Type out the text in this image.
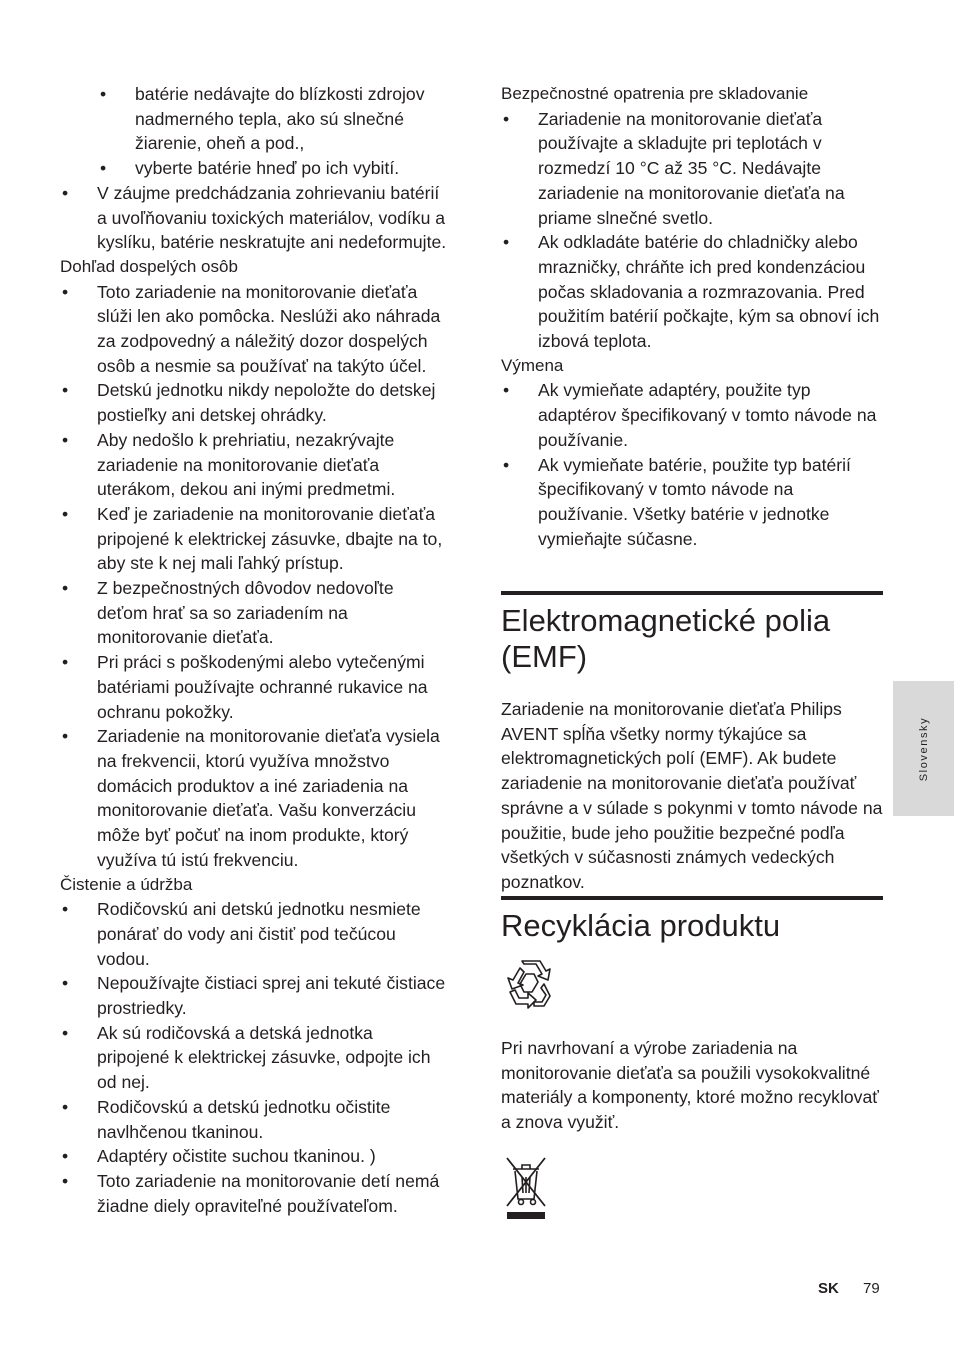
• batérie nedávajte do blízkosti zdrojov nadmerného tepla, ako sú slnečné žiarenie, oheň a pod.,
• vyberte batérie hneď po ich vybití.
• V záujme predchádzania zohrievaniu batérií a uvoľňovaniu toxických materiálov, vodíku a kyslíku, batérie neskratujte ani nedeformujte.
Dohľad dospelých osôb
• Toto zariadenie na monitorovanie dieťaťa slúži len ako pomôcka. Neslúži ako náhrada za zodpovedný a náležitý dozor dospelých osôb a nesmie sa používať na takýto účel.
• Detskú jednotku nikdy nepoložte do detskej postieľky ani detskej ohrádky.
• Aby nedošlo k prehriatiu, nezakrývajte zariadenie na monitorovanie dieťaťa uterákom, dekou ani inými predmetmi.
• Keď je zariadenie na monitorovanie dieťaťa pripojené k elektrickej zásuvke, dbajte na to, aby ste k nej mali ľahký prístup.
• Z bezpečnostných dôvodov nedovoľte deťom hrať sa so zariadením na monitorovanie dieťaťa.
• Pri práci s poškodenými alebo vytečenými batériami používajte ochranné rukavice na ochranu pokožky.
• Zariadenie na monitorovanie dieťaťa vysiela na frekvencii, ktorú využíva množstvo domácich produktov a iné zariadenia na monitorovanie dieťaťa. Vašu konverzáciu môže byť počuť na inom produkte, ktorý využíva tú istú frekvenciu.
Čistenie a údržba
• Rodičovskú ani detskú jednotku nesmiete ponárať do vody ani čistiť pod tečúcou vodou.
• Nepoužívajte čistiaci sprej ani tekuté čistiace prostriedky.
• Ak sú rodičovská a detská jednotka pripojené k elektrickej zásuvke, odpojte ich od nej.
• Rodičovskú a detskú jednotku očistite navlhčenou tkaninou.
• Adaptéry očistite suchou tkaninou. )
• Toto zariadenie na monitorovanie detí nemá žiadne diely opraviteľné používateľom.
Bezpečnostné opatrenia pre skladovanie
• Zariadenie na monitorovanie dieťaťa používajte a skladujte pri teplotách v rozmedzí 10 °C až 35 °C. Nedávajte zariadenie na monitorovanie dieťaťa na priame slnečné svetlo.
• Ak odkladáte batérie do chladničky alebo mrazničky, chráňte ich pred kondenzáciou počas skladovania a rozmrazovania. Pred použitím batérií počkajte, kým sa obnoví ich izbová teplota.
Výmena
• Ak vymieňate adaptéry, použite typ adaptérov špecifikovaný v tomto návode na používanie.
• Ak vymieňate batérie, použite typ batérií špecifikovaný v tomto návode na používanie. Všetky batérie v jednotke vymieňajte súčasne.
Elektromagnetické polia (EMF)

Zariadenie na monitorovanie dieťaťa Philips AVENT spĺňa všetky normy týkajúce sa elektromagnetických polí (EMF). Ak budete zariadenie na monitorovanie dieťaťa používať správne a v súlade s pokynmi v tomto návode na použitie, bude jeho použitie bezpečné podľa všetkých v súčasnosti známych vedeckých poznatkov.

Recyklácia produktu

Pri navrhovaní a výrobe zariadenia na monitorovanie dieťaťa sa použili vysokokvalitné materiály a komponenty, ktoré možno recyklovať a znova využiť.

Slovensky
SK 79
